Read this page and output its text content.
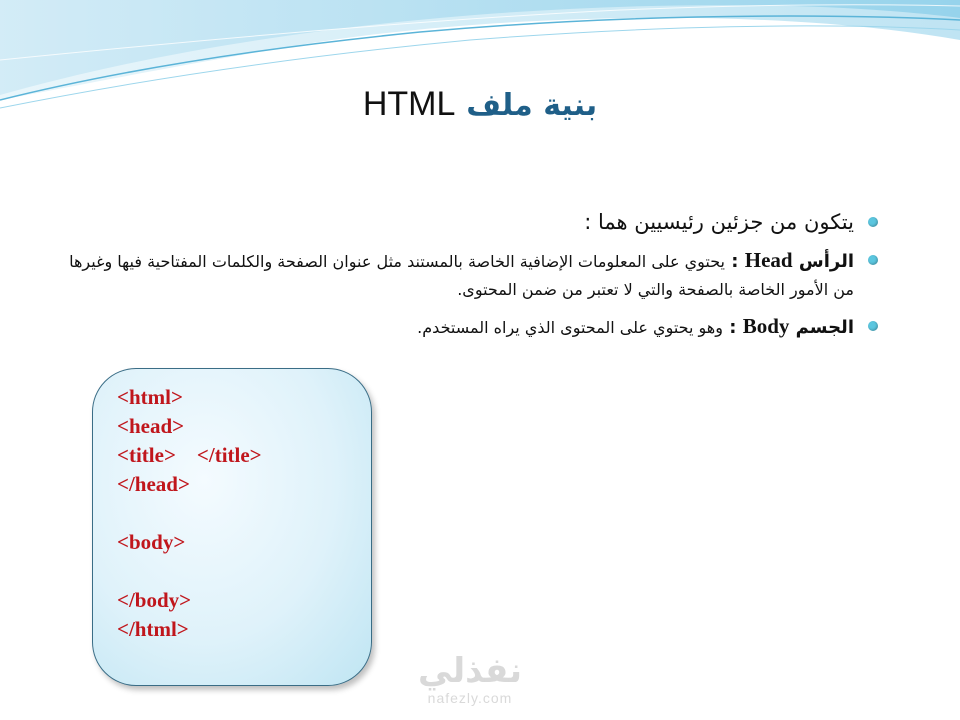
HTML بنية ملف
يتكون من جزئين رئيسيين هما :
الرأس Head : يحتوي على المعلومات الإضافية الخاصة بالمستند مثل عنوان الصفحة والكلمات المفتاحية فيها وغيرها من الأمور الخاصة بالصفحة والتي لا تعتبر من ضمن المحتوى.
الجسم Body : وهو يحتوي على المحتوى الذي يراه المستخدم.
<html>
<head>
<title>    </title>
</head>
<body>
</body>
</html>
نفذلي
nafezly.com
